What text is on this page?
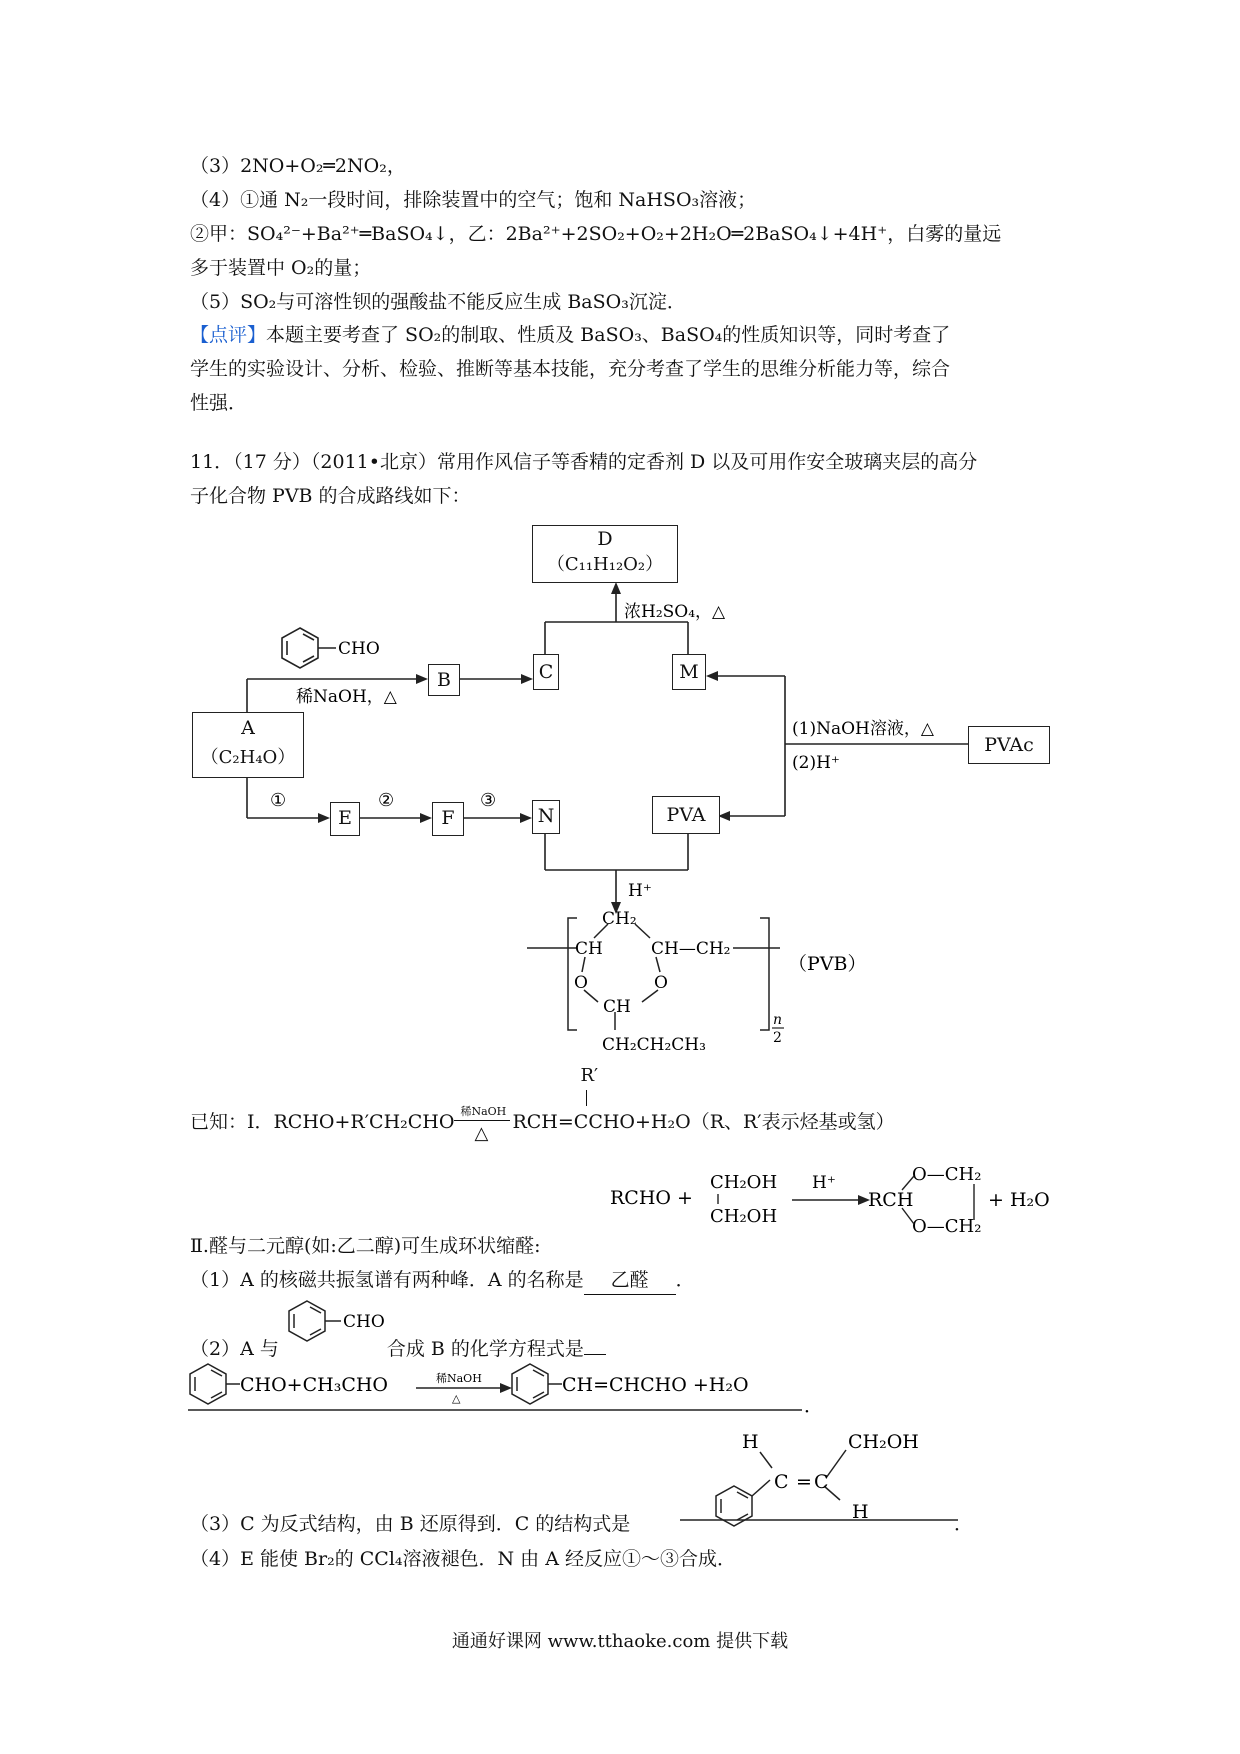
（3）2NO+O₂═2NO₂，
（4）①通 N₂一段时间，排除装置中的空气；饱和 NaHSO₃溶液；
②甲：SO₄²⁻+Ba²⁺═BaSO₄↓，乙：2Ba²⁺+2SO₂+O₂+2H₂O═2BaSO₄↓+4H⁺，白雾的量远
多于装置中 O₂的量；
（5）SO₂与可溶性钡的强酸盐不能反应生成 BaSO₃沉淀．
【点评】本题主要考查了 SO₂的制取、性质及 BaSO₃、BaSO₄的性质知识等，同时考查了
学生的实验设计、分析、检验、推断等基本技能，充分考查了学生的思维分析能力等，综合
性强．
11．（17 分）（2011•北京）常用作风信子等香精的定香剂 D 以及可用作安全玻璃夹层的高分
子化合物 PVB 的合成路线如下：
CHO
稀NaOH，△
浓H₂SO₄，△
①	②	③
(1)NaOH溶液，△
(2)H⁺
H⁺
CH₂
CH	CH—CH₂
O	O
CH
CH₂CH₂CH₃
n
2
（PVB）
D
（C₁₁H₁₂O₂）
B	C	M
A
（C₂H₄O）
E	F	N	PVA
PVAc
已知：Ⅰ．RCHO+R′CH₂CHO 稀NaOH
△
R′
RCH=CCHO+H₂O（R、R′表示烃基或氢）
RCHO +
CH₂OH
CH₂OH
H⁺
RCH
O—CH₂
O—CH₂
+ H₂O
Ⅱ.醛与二元醇(如:乙二醇)可生成环状缩醛:
（1）A 的核磁共振氢谱有两种峰．A 的名称是 乙醛 ．
（2）A 与
CHO
合成 B 的化学方程式是
CHO+CH₃CHO	稀NaOH
△
CH=CHCHO +H₂O
．
H	CH₂OH
C = C
H
（3）C 为反式结构，由 B 还原得到．C 的结构式是	．
（4）E 能使 Br₂的 CCl₄溶液褪色．N 由 A 经反应①～③合成．
通通好课网 www.tthaoke.com 提供下载
